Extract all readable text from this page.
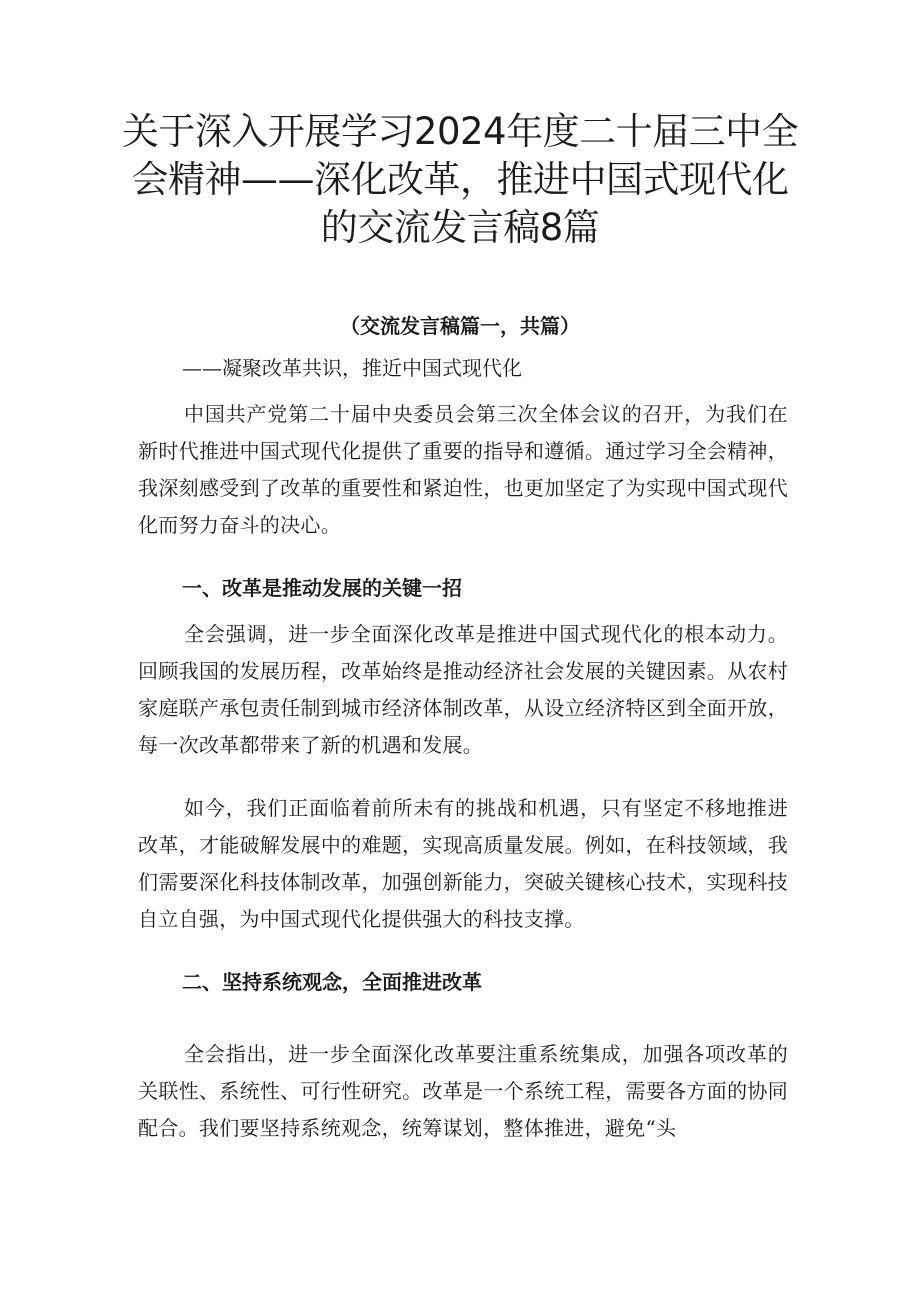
关于深入开展学习2024年度二十届三中全会精神——深化改革，推进中国式现代化的交流发言稿8篇
（交流发言稿篇一，共篇）
——凝聚改革共识，推近中国式现代化

中国共产党第二十届中央委员会第三次全体会议的召开，为我们在新时代推进中国式现代化提供了重要的指导和遵循。通过学习全会精神，我深刻感受到了改革的重要性和紧迫性，也更加坚定了为实现中国式现代化而努力奋斗的决心。

一、改革是推动发展的关键一招

全会强调，进一步全面深化改革是推进中国式现代化的根本动力。回顾我国的发展历程，改革始终是推动经济社会发展的关键因素。从农村家庭联产承包责任制到城市经济体制改革，从设立经济特区到全面开放，每一次改革都带来了新的机遇和发展。

如今，我们正面临着前所未有的挑战和机遇，只有坚定不移地推进改革，才能破解发展中的难题，实现高质量发展。例如，在科技领域，我们需要深化科技体制改革，加强创新能力，突破关键核心技术，实现科技自立自强，为中国式现代化提供强大的科技支撑。

二、坚持系统观念，全面推进改革

全会指出，进一步全面深化改革要注重系统集成，加强各项改革的关联性、系统性、可行性研究。改革是一个系统工程，需要各方面的协同配合。我们要坚持系统观念，统筹谋划，整体推进，避免“头
